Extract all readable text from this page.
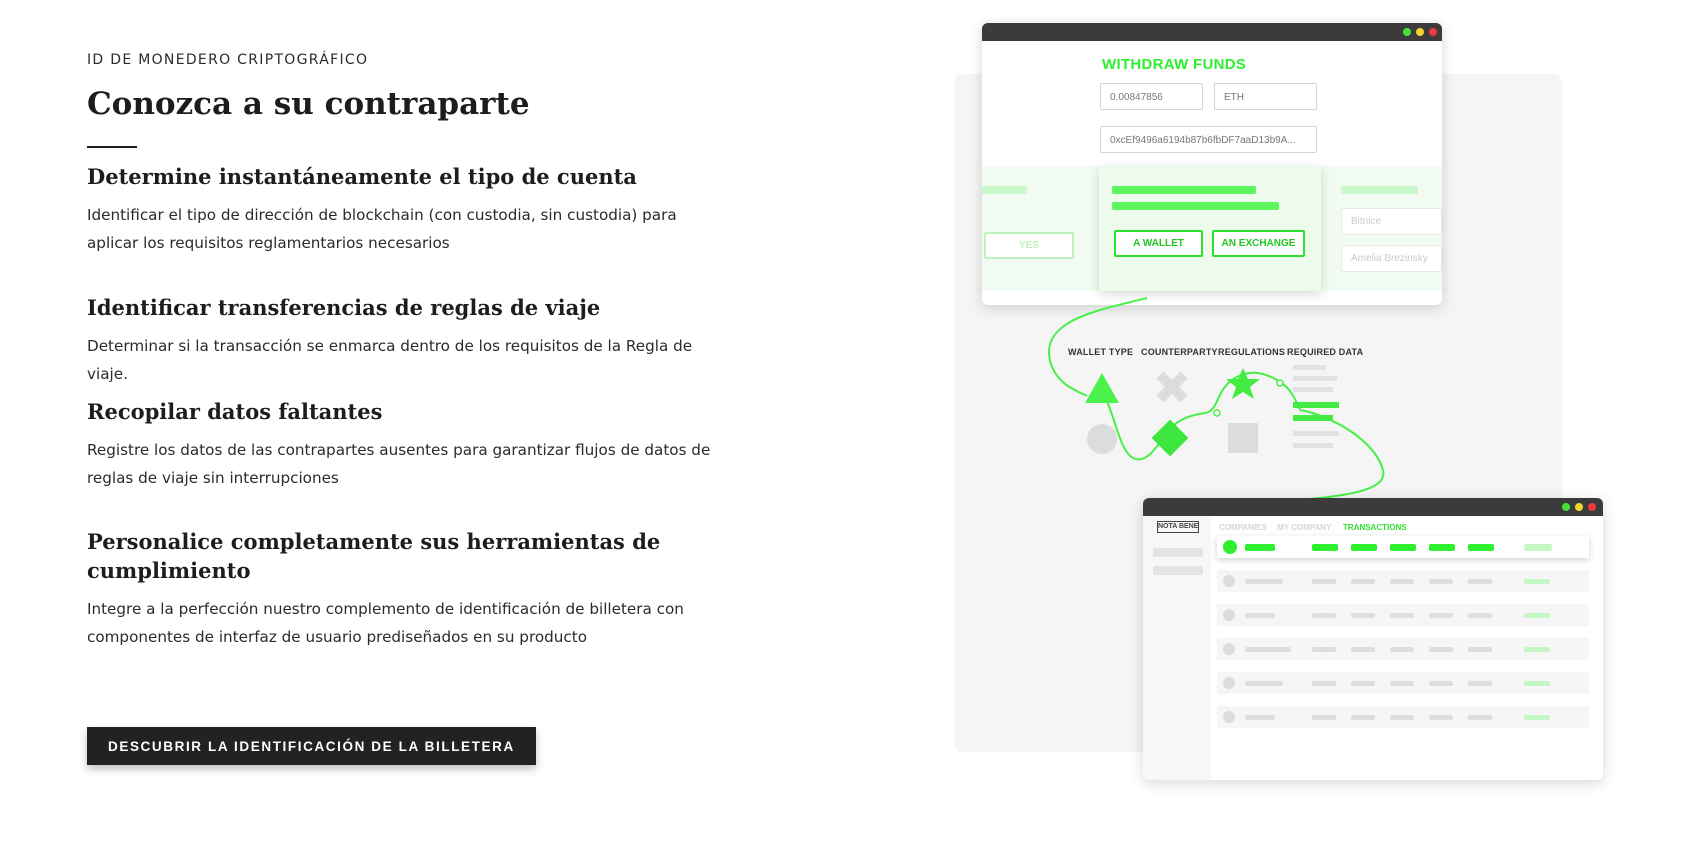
ID DE MONEDERO CRIPTOGRÁFICO
Conozca a su contraparte
Determine instantáneamente el tipo de cuenta

Identificar el tipo de dirección de blockchain (con custodia, sin custodia) para aplicar los requisitos reglamentarios necesarios

Identificar transferencias de reglas de viaje

Determinar si la transacción se enmarca dentro de los requisitos de la Regla de viaje.

Recopilar datos faltantes

Registre los datos de las contrapartes ausentes para garantizar flujos de datos de reglas de viaje sin interrupciones

Personalice completamente sus herramientas de cumplimiento

Integre a la perfección nuestro complemento de identificación de billetera con componentes de interfaz de usuario prediseñados en su producto

DESCUBRIR LA IDENTIFICACIÓN DE LA BILLETERA
WITHDRAW FUNDS
0.00847856	ETH
0xcEf9496a6194b87b6fbDF7aaD13b9A...
YES
Bitnice
Amelia Brezinsky
A WALLET	AN EXCHANGE
WALLET TYPE COUNTERPARTY REGULATIONS REQUIRED DATA
NOTA BENE	COMPANIES MY COMPANY TRANSACTIONS
